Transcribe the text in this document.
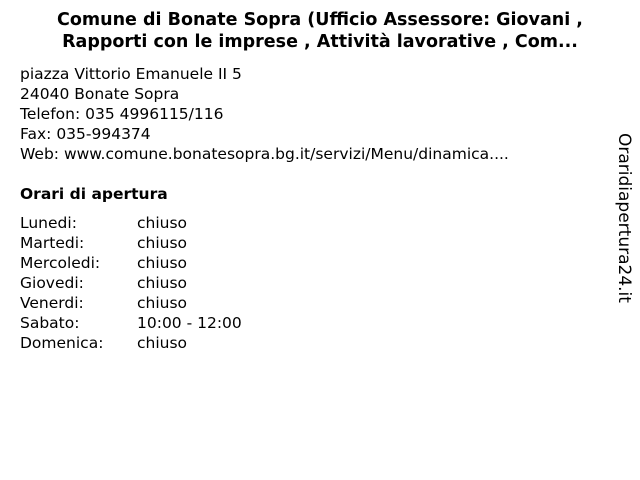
Comune di Bonate Sopra (Ufficio Assessore: Giovani ,
Rapporti con le imprese , Attività lavorative , Com...
piazza Vittorio Emanuele II 5
24040 Bonate Sopra
Telefon: 035 4996115/116
Fax: 035-994374
Web: www.comune.bonatesopra.bg.it/servizi/Menu/dinamica....
Orari di apertura
Lunedi:	chiuso
Martedi:	chiuso
Mercoledi:	chiuso
Giovedi:	chiuso
Venerdi:	chiuso
Sabato:	10:00 - 12:00
Domenica:	chiuso
Oraridiapertura24.it
